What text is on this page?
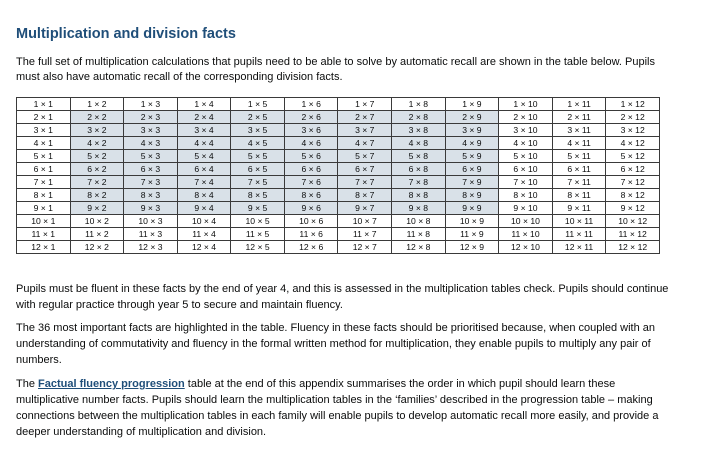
Multiplication and division facts

The full set of multiplication calculations that pupils need to be able to solve by automatic recall are shown in the table below. Pupils must also have automatic recall of the corresponding division facts.

1 × 1	1 × 2	1 × 3	1 × 4	1 × 5	1 × 6	1 × 7	1 × 8	1 × 9	1 × 10	1 × 11	1 × 12
2 × 1	2 × 2	2 × 3	2 × 4	2 × 5	2 × 6	2 × 7	2 × 8	2 × 9	2 × 10	2 × 11	2 × 12
3 × 1	3 × 2	3 × 3	3 × 4	3 × 5	3 × 6	3 × 7	3 × 8	3 × 9	3 × 10	3 × 11	3 × 12
4 × 1	4 × 2	4 × 3	4 × 4	4 × 5	4 × 6	4 × 7	4 × 8	4 × 9	4 × 10	4 × 11	4 × 12
5 × 1	5 × 2	5 × 3	5 × 4	5 × 5	5 × 6	5 × 7	5 × 8	5 × 9	5 × 10	5 × 11	5 × 12
6 × 1	6 × 2	6 × 3	6 × 4	6 × 5	6 × 6	6 × 7	6 × 8	6 × 9	6 × 10	6 × 11	6 × 12
7 × 1	7 × 2	7 × 3	7 × 4	7 × 5	7 × 6	7 × 7	7 × 8	7 × 9	7 × 10	7 × 11	7 × 12
8 × 1	8 × 2	8 × 3	8 × 4	8 × 5	8 × 6	8 × 7	8 × 8	8 × 9	8 × 10	8 × 11	8 × 12
9 × 1	9 × 2	9 × 3	9 × 4	9 × 5	9 × 6	9 × 7	9 × 8	9 × 9	9 × 10	9 × 11	9 × 12
10 × 1	10 × 2	10 × 3	10 × 4	10 × 5	10 × 6	10 × 7	10 × 8	10 × 9	10 × 10	10 × 11	10 × 12
11 × 1	11 × 2	11 × 3	11 × 4	11 × 5	11 × 6	11 × 7	11 × 8	11 × 9	11 × 10	11 × 11	11 × 12
12 × 1	12 × 2	12 × 3	12 × 4	12 × 5	12 × 6	12 × 7	12 × 8	12 × 9	12 × 10	12 × 11	12 × 12

Pupils must be fluent in these facts by the end of year 4, and this is assessed in the multiplication tables check. Pupils should continue with regular practice through year 5 to secure and maintain fluency.

The 36 most important facts are highlighted in the table. Fluency in these facts should be prioritised because, when coupled with an understanding of commutativity and fluency in the formal written method for multiplication, they enable pupils to multiply any pair of numbers.

The Factual fluency progression table at the end of this appendix summarises the order in which pupil should learn these multiplicative number facts. Pupils should learn the multiplication tables in the ‘families’ described in the progression table – making connections between the multiplication tables in each family will enable pupils to develop automatic recall more easily, and provide a deeper understanding of multiplication and division.
